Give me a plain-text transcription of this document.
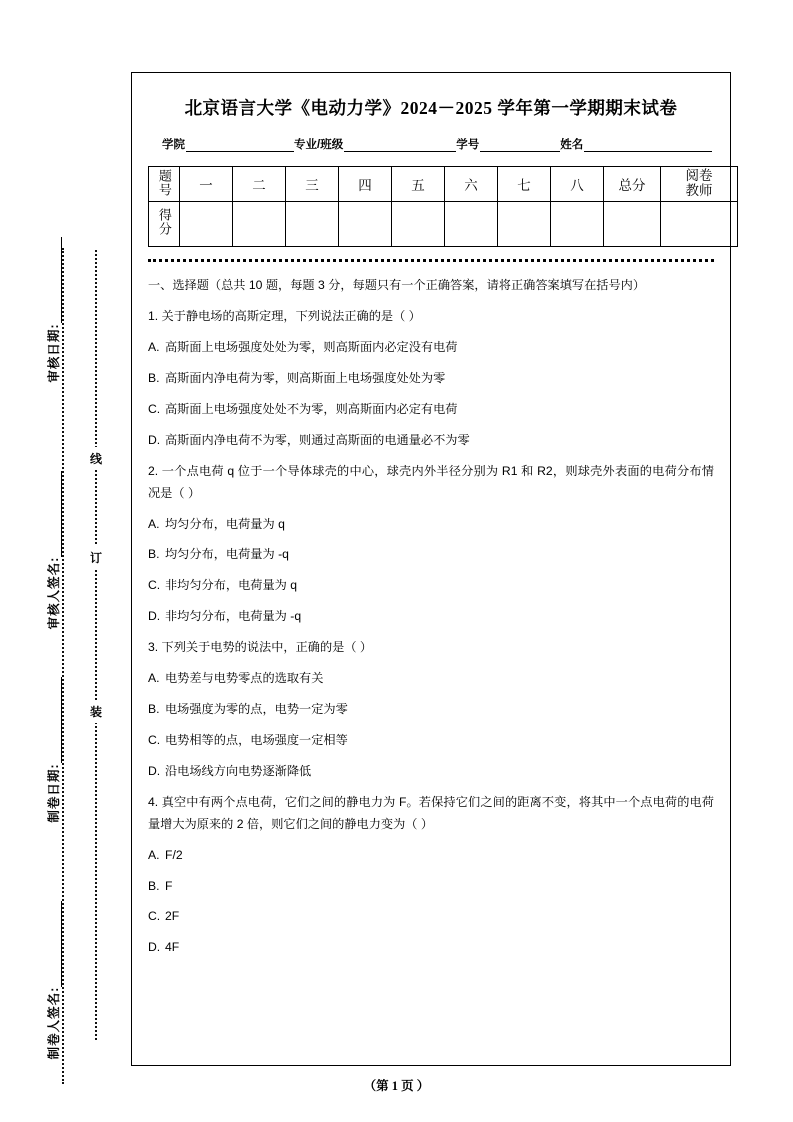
审核日期:
审核人签名:
制卷日期:
制卷人签名:
线
订
装
北京语言大学《电动力学》2024－2025 学年第一学期期末试卷
学院	专业/班级	学号	姓名
题号	一	二	三	四	五	六	七	八	总分	阅卷
教师

得分										
一、选择题（总共 10 题，每题 3 分，每题只有一个正确答案，请将正确答案填写在括号内）
1. 关于静电场的高斯定理，下列说法正确的是（ ）
A. 高斯面上电场强度处处为零，则高斯面内必定没有电荷
B. 高斯面内净电荷为零，则高斯面上电场强度处处为零
C. 高斯面上电场强度处处不为零，则高斯面内必定有电荷
D. 高斯面内净电荷不为零，则通过高斯面的电通量必不为零
2. 一个点电荷 q 位于一个导体球壳的中心，球壳内外半径分别为 R1 和 R2，则球壳外表面的电荷分布情况是（ ）
A. 均匀分布，电荷量为 q
B. 均匀分布，电荷量为 -q
C. 非均匀分布，电荷量为 q
D. 非均匀分布，电荷量为 -q
3. 下列关于电势的说法中，正确的是（ ）
A. 电势差与电势零点的选取有关
B. 电场强度为零的点，电势一定为零
C. 电势相等的点，电场强度一定相等
D. 沿电场线方向电势逐渐降低
4. 真空中有两个点电荷，它们之间的静电力为 F。若保持它们之间的距离不变，将其中一个点电荷的电荷量增大为原来的 2 倍，则它们之间的静电力变为（ ）
A. F/2
B. F
C. 2F
D. 4F
（第 1 页 ）
